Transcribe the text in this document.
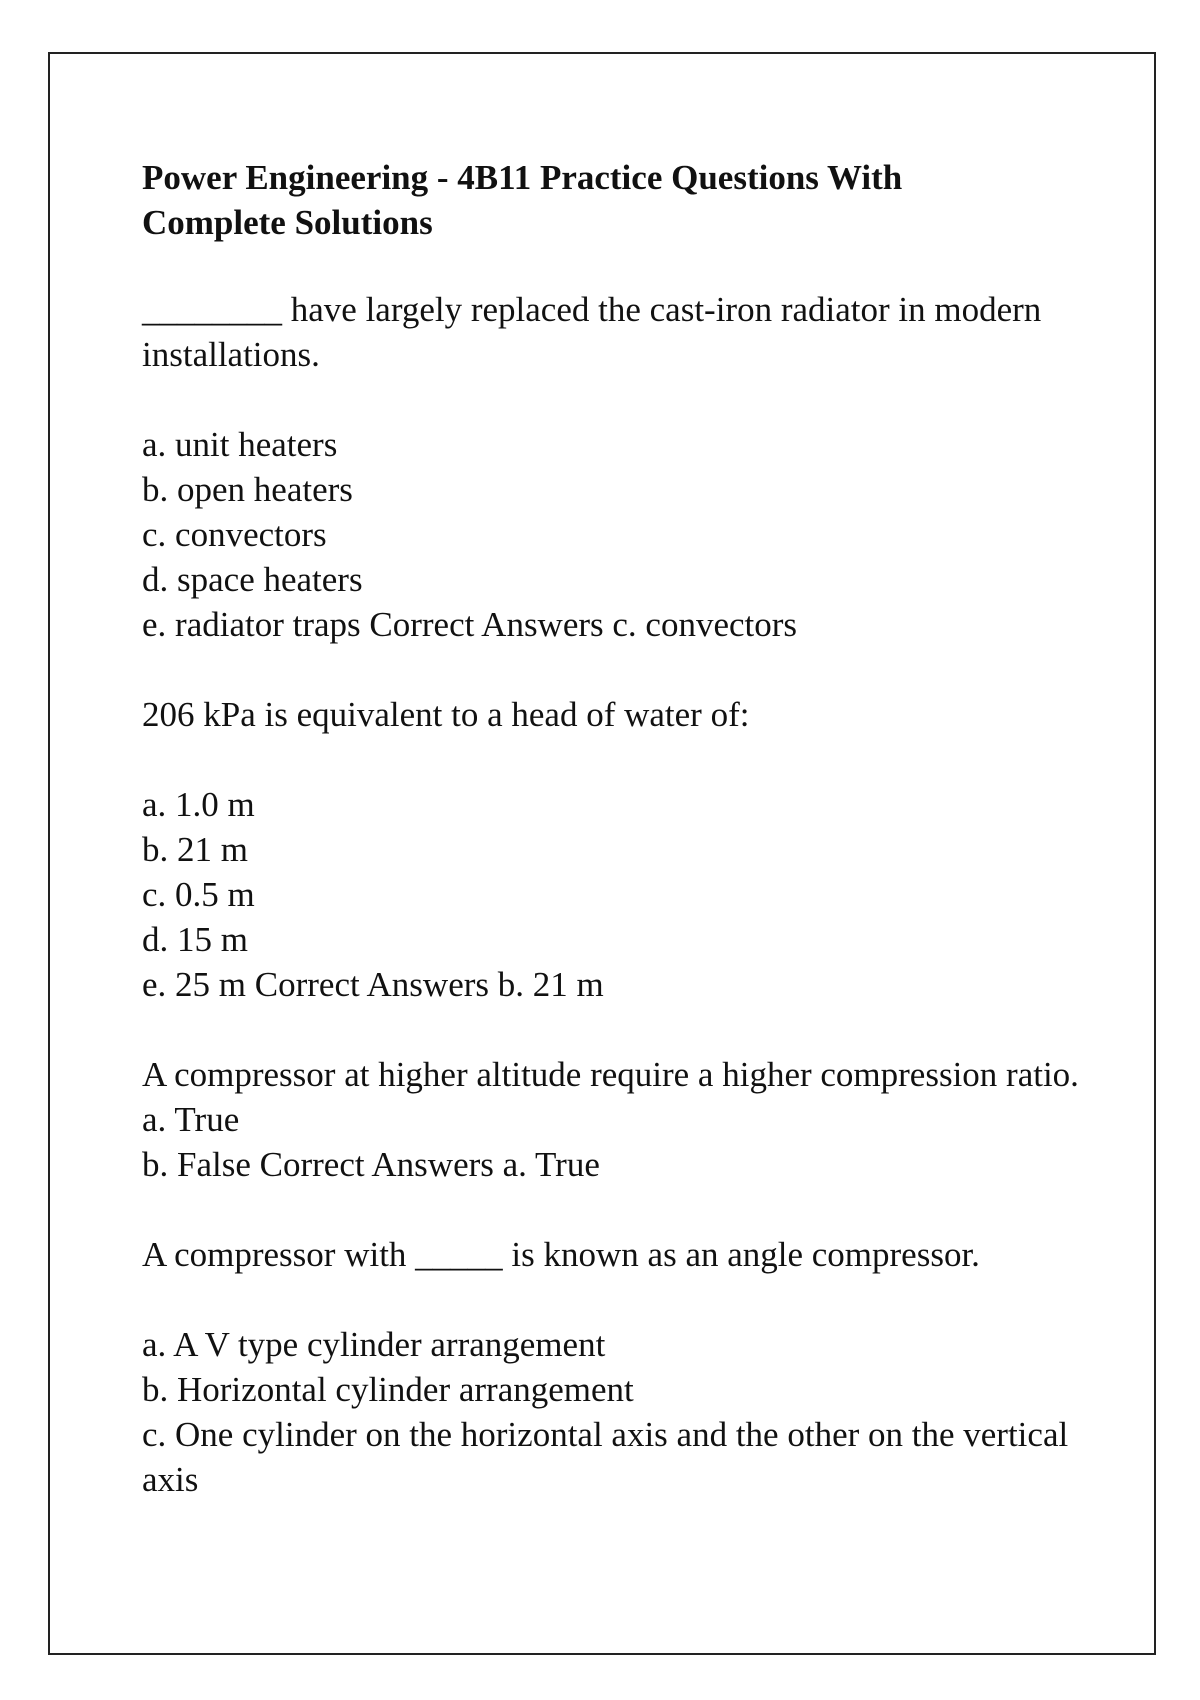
Power Engineering - 4B11 Practice Questions With
Complete Solutions
________ have largely replaced the cast-iron radiator in modern installations.
a. unit heaters
b. open heaters
c. convectors
d. space heaters
e. radiator traps Correct Answers c. convectors
206 kPa is equivalent to a head of water of:
a. 1.0 m
b. 21 m
c. 0.5 m
d. 15 m
e. 25 m Correct Answers b. 21 m
A compressor at higher altitude require a higher compression ratio.
a. True
b. False Correct Answers a. True
A compressor with _____ is known as an angle compressor.
a. A V type cylinder arrangement
b. Horizontal cylinder arrangement
c. One cylinder on the horizontal axis and the other on the vertical axis
